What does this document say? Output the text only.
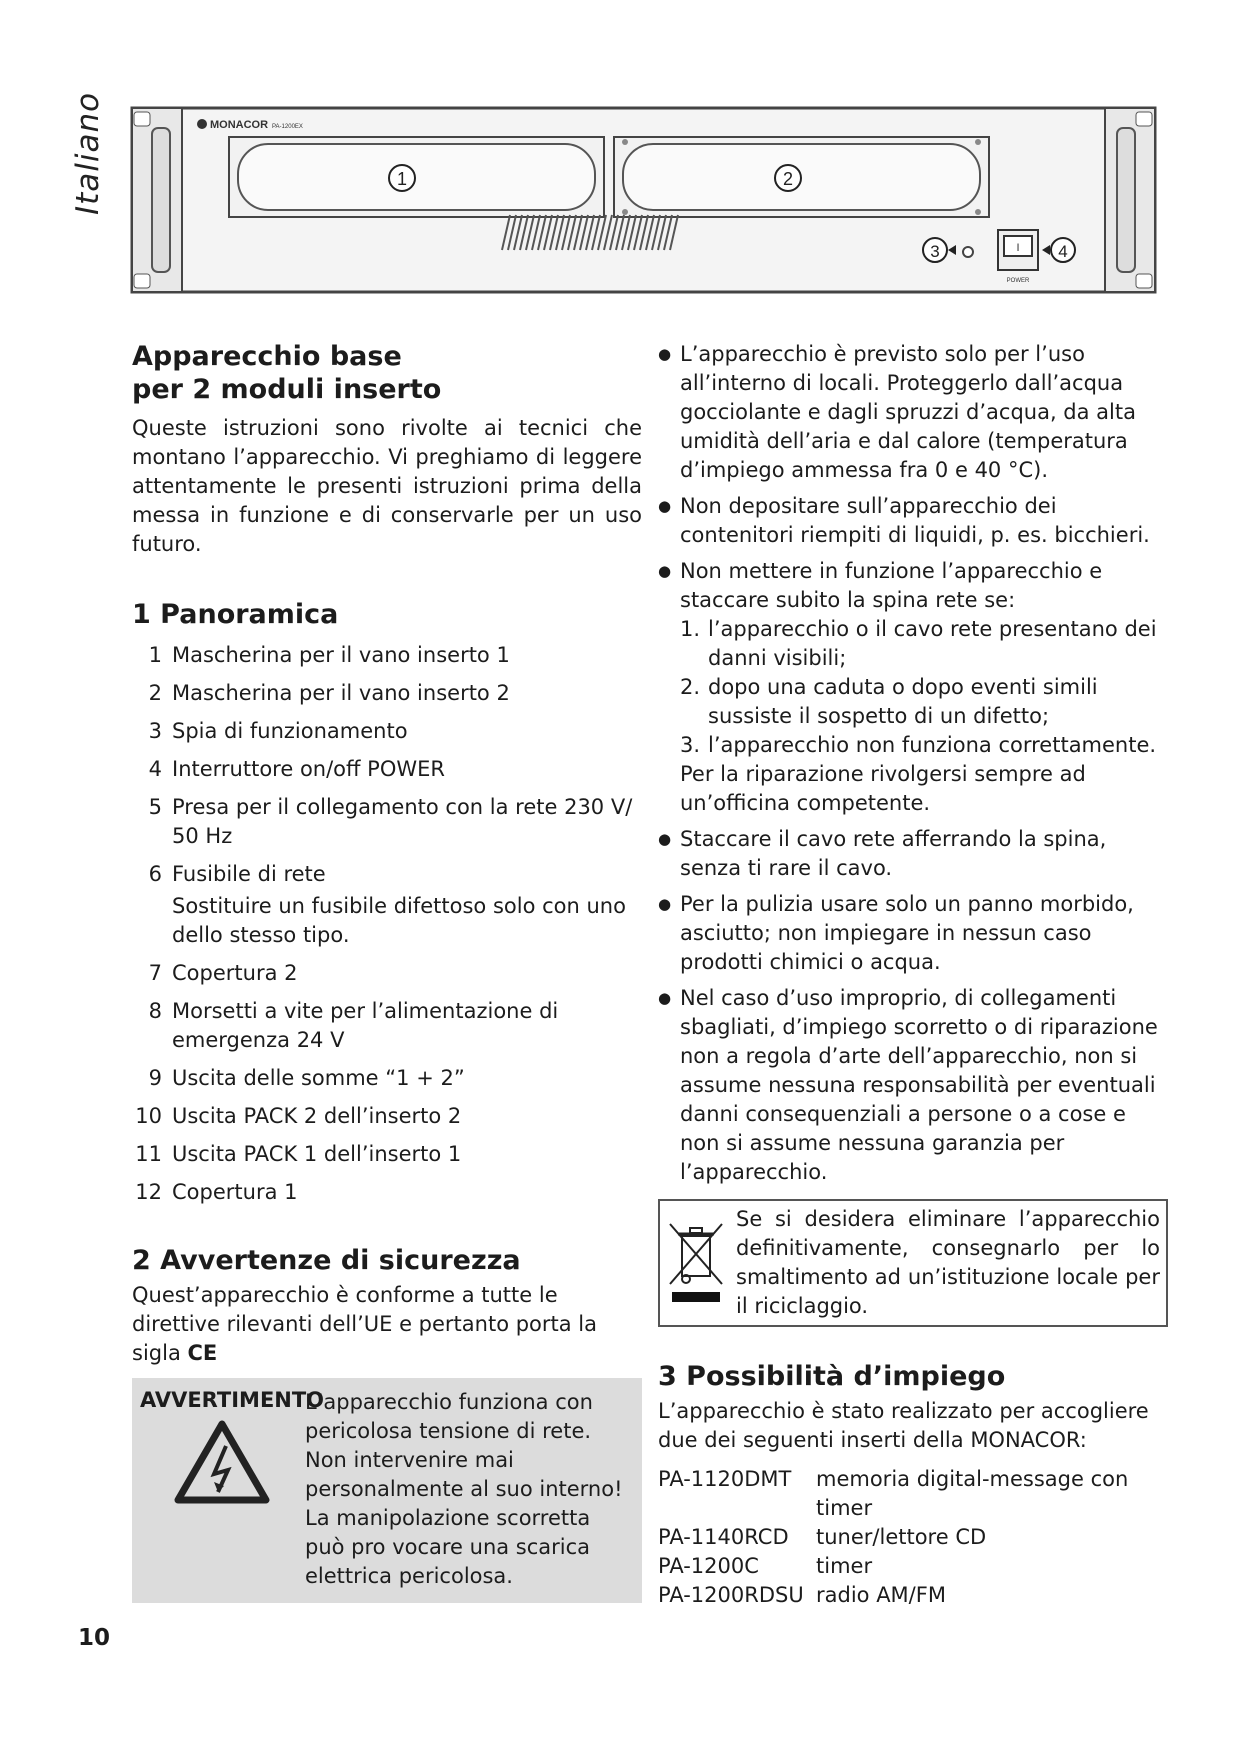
Italiano	MONACOR PA-1200EX
1	2
3	I
POWER
4
Apparecchio base
per 2 moduli inserto

Queste istruzioni sono rivolte ai tecnici che montano l’apparecchio. Vi preghiamo di leggere attentamente le presenti istruzioni prima della messa in funzione e di conservarle per un uso futuro.

1 Panoramica
1 Mascherina per il vano inserto 1
2 Mascherina per il vano inserto 2
3 Spia di funzionamento
4 Interruttore on/off POWER
5 Presa per il collegamento con la rete 230 V/ 50 Hz
6 Fusibile di rete
Sostituire un fusibile difettoso solo con uno dello stesso tipo.
7 Copertura 2
8 Morsetti a vite per l’alimentazione di emergenza 24 V
9 Uscita delle somme “1 + 2”
10 Uscita PACK 2 dell’inserto 2
11 Uscita PACK 1 dell’inserto 1
12 Copertura 1
2 Avvertenze di sicurezza

Quest’apparecchio è conforme a tutte le direttive rilevanti dell’UE e pertanto porta la sigla CE

AVVERTIMENTO
L’apparecchio funziona con pericolosa tensione di rete. Non intervenire mai personalmente al suo interno! La manipolazione scorretta può pro vocare una scarica elettrica pericolosa.
● L’apparecchio è previsto solo per l’uso all’interno di locali. Proteggerlo dall’acqua gocciolante e dagli spruzzi d’acqua, da alta umidità dell’aria e dal calore (temperatura d’impiego ammessa fra 0 e 40 °C).
● Non depositare sull’apparecchio dei contenitori riempiti di liquidi, p. es. bicchieri.
● Non mettere in funzione l’apparecchio e staccare subito la spina rete se:
1. l’apparecchio o il cavo rete presentano dei danni visibili;
2. dopo una caduta o dopo eventi simili sussiste il sospetto di un difetto;
3. l’apparecchio non funziona correttamente.
Per la riparazione rivolgersi sempre ad un’officina competente.
● Staccare il cavo rete afferrando la spina, senza ti rare il cavo.
● Per la pulizia usare solo un panno morbido, asciutto; non impiegare in nessun caso prodotti chimici o acqua.
● Nel caso d’uso improprio, di collegamenti sbagliati, d’impiego scorretto o di riparazione non a regola d’arte dell’apparecchio, non si assume nessuna responsabilità per eventuali danni consequenziali a persone o a cose e non si assume nessuna garanzia per l’apparecchio.

Se si desidera eliminare l’apparecchio definitivamente, consegnarlo per lo smaltimento ad un’istituzione locale per il riciclaggio.

3 Possibilità d’impiego

L’apparecchio è stato realizzato per accogliere due dei seguenti inserti della MONACOR:

PA-1120DMT	memoria digital-message con timer
PA-1140RCD	tuner/lettore CD
PA-1200C	timer
PA-1200RDSU radio AM/FM
10
